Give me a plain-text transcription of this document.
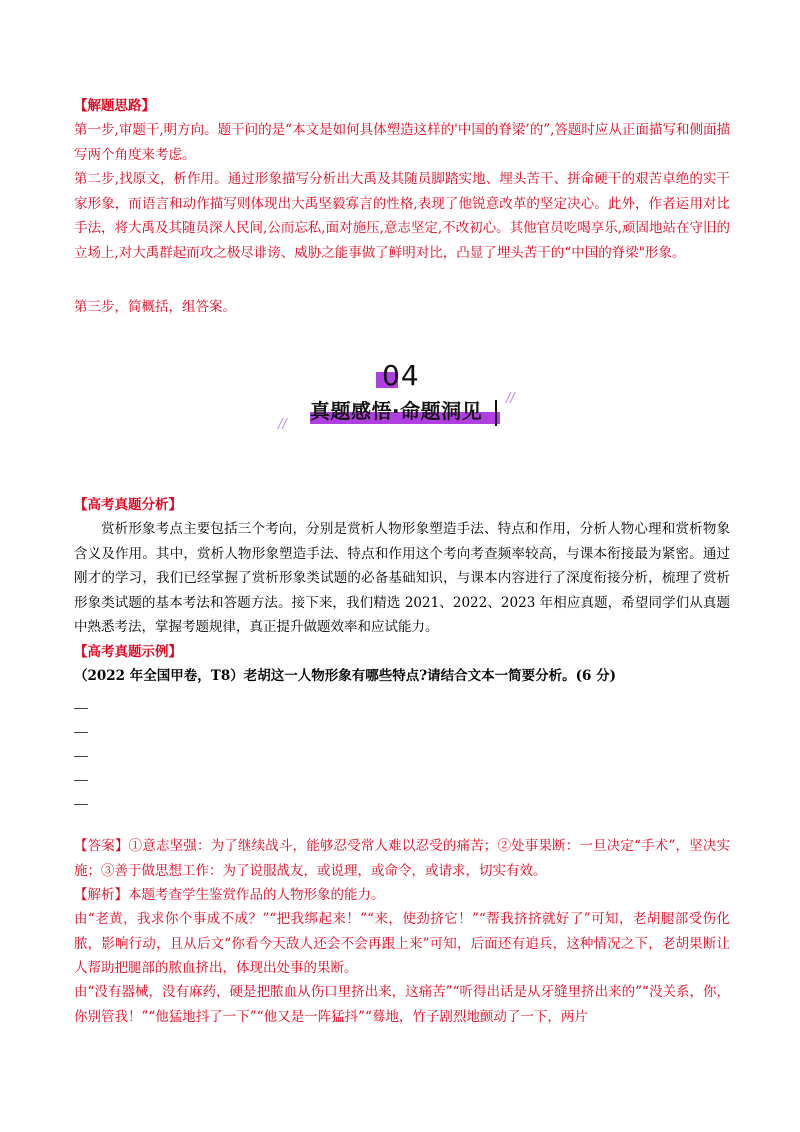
【解题思路】

第一步,审题干,明方向。题干问的是“本文是如何具体塑造这样的'中国的脊梁’的”,答题时应从正面描写和侧面描写两个角度来考虑。

第二步,找原文，析作用。通过形象描写分析出大禹及其随员脚踏实地、埋头苦干、拼命硬干的艰苦卓绝的实干家形象，而语言和动作描写则体现出大禹坚毅寡言的性格,表现了他锐意改革的坚定决心。此外，作者运用对比手法，将大禹及其随员深人民间,公而忘私,面对施压,意志坚定,不改初心。其他官员吃喝享乐,顽固地站在守旧的立场上,对大禹群起而攻之极尽诽谤、威胁之能事做了鲜明对比，凸显了埋头苦干的“中国的脊梁"形象。

第三步，简概括，组答案。

04
//
//
真题感悟·命题洞见

【高考真题分析】

赏析形象考点主要包括三个考向，分别是赏析人物形象塑造手法、特点和作用，分析人物心理和赏析物象含义及作用。其中，赏析人物形象塑造手法、特点和作用这个考向考查频率较高，与课本衔接最为紧密。通过刚才的学习，我们已经掌握了赏析形象类试题的必备基础知识，与课本内容进行了深度衔接分析，梳理了赏析形象类试题的基本考法和答题方法。接下来，我们精选 2021、2022、2023 年相应真题，希望同学们从真题中熟悉考法，掌握考题规律，真正提升做题效率和应试能力。

【高考真题示例】

（2022 年全国甲卷，T8）老胡这一人物形象有哪些特点?请结合文本一简要分析。(6 分)

【答案】①意志坚强：为了继续战斗，能够忍受常人难以忍受的痛苦；②处事果断：一旦决定“手术”，坚决实施；③善于做思想工作：为了说服战友，或说理，或命令，或请求，切实有效。

【解析】本题考查学生鉴赏作品的人物形象的能力。

由“老黄，我求你个事成不成？”“把我绑起来！”“来，使劲挤它！”“帮我挤挤就好了”可知，老胡腿部受伤化脓，影响行动，且从后文“你看今天敌人还会不会再跟上来”可知，后面还有追兵，这种情况之下，老胡果断让人帮助把腿部的脓血挤出，体现出处事的果断。

由“没有器械，没有麻药，硬是把脓血从伤口里挤出来，这痛苦”“听得出话是从牙缝里挤出来的”“没关系，你，你别管我！”“他猛地抖了一下”“他又是一阵猛抖”“蓦地，竹子剧烈地颤动了一下，两片
